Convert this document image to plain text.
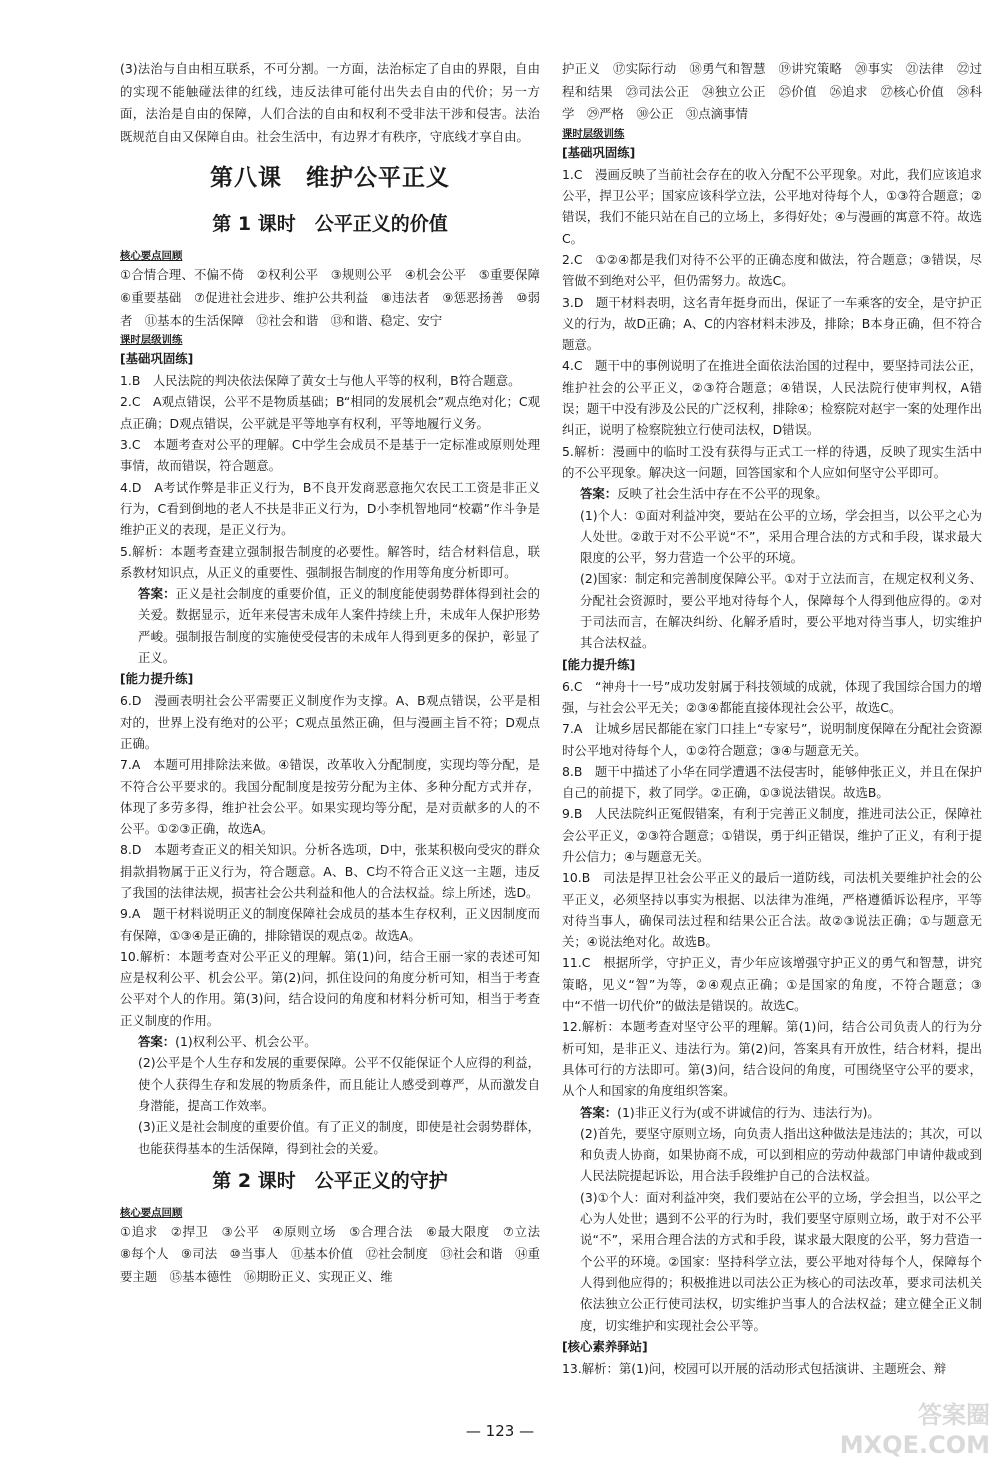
(3)法治与自由相互联系，不可分割。一方面，法治标定了自由的界限，自由的实现不能触碰法律的红线，违反法律可能付出失去自由的代价；另一方面，法治是自由的保障，人们合法的自由和权利不受非法干涉和侵害。法治既规范自由又保障自由。社会生活中，有边界才有秩序，守底线才享自由。

第八课　维护公平正义
第 1 课时　公平正义的价值
核心要点回顾

①合情合理、不偏不倚　②权利公平　③规则公平　④机会公平　⑤重要保障　⑥重要基础　⑦促进社会进步、维护公共利益　⑧违法者　⑨惩恶扬善　⑩弱者　⑪基本的生活保障　⑫社会和谐　⑬和谐、稳定、安宁

课时层级训练
[基础巩固练]
1.B　人民法院的判决依法保障了黄女士与他人平等的权利，B符合题意。
2.C　A观点错误，公平不是物质基础；B“相同的发展机会”观点绝对化；C观点正确；D观点错误，公平就是平等地享有权利，平等地履行义务。
3.C　本题考查对公平的理解。C中学生会成员不是基于一定标准或原则处理事情，故而错误，符合题意。
4.D　A考试作弊是非正义行为，B不良开发商恶意拖欠农民工工资是非正义行为，C看到倒地的老人不扶是非正义行为，D小李机智地同“校霸”作斗争是维护正义的表现，是正义行为。
5.解析：本题考查建立强制报告制度的必要性。解答时，结合材料信息，联系教材知识点，从正义的重要性、强制报告制度的作用等角度分析即可。
答案：正义是社会制度的重要价值，正义的制度能使弱势群体得到社会的关爱。数据显示，近年来侵害未成年人案件持续上升，未成年人保护形势严峻。强制报告制度的实施使受侵害的未成年人得到更多的保护，彰显了正义。
[能力提升练]
6.D　漫画表明社会公平需要正义制度作为支撑。A、B观点错误，公平是相对的，世界上没有绝对的公平；C观点虽然正确，但与漫画主旨不符；D观点正确。
7.A　本题可用排除法来做。④错误，改革收入分配制度，实现均等分配，是不符合公平要求的。我国分配制度是按劳分配为主体、多种分配方式并存，体现了多劳多得，维护社会公平。如果实现均等分配，是对贡献多的人的不公平。①②③正确，故选A。
8.D　本题考查正义的相关知识。分析各选项，D中，张某积极向受灾的群众捐款捐物属于正义行为，符合题意。A、B、C均不符合正义这一主题，违反了我国的法律法规，损害社会公共利益和他人的合法权益。综上所述，选D。
9.A　题干材料说明正义的制度保障社会成员的基本生存权利，正义因制度而有保障，①③④是正确的，排除错误的观点②。故选A。
10.解析：本题考查对公平正义的理解。第(1)问，结合王丽一家的表述可知应是权利公平、机会公平。第(2)问，抓住设问的角度分析可知，相当于考查公平对个人的作用。第(3)问，结合设问的角度和材料分析可知，相当于考查正义制度的作用。
答案：(1)权利公平、机会公平。
(2)公平是个人生存和发展的重要保障。公平不仅能保证个人应得的利益，使个人获得生存和发展的物质条件，而且能让人感受到尊严，从而激发自身潜能，提高工作效率。
(3)正义是社会制度的重要价值。有了正义的制度，即使是社会弱势群体，也能获得基本的生活保障，得到社会的关爱。
第 2 课时　公平正义的守护
核心要点回顾

①追求　②捍卫　③公平　④原则立场　⑤合理合法　⑥最大限度　⑦立法　⑧每个人　⑨司法　⑩当事人　⑪基本价值　⑫社会制度　⑬社会和谐　⑭重要主题　⑮基本德性　⑯期盼正义、实现正义、维

护正义　⑰实际行动　⑱勇气和智慧　⑲讲究策略　⑳事实　㉑法律　㉒过程和结果　㉓司法公正　㉔独立公正　㉕价值　㉖追求　㉗核心价值　㉘科学　㉙严格　㉚公正　㉛点滴事情

课时层级训练
[基础巩固练]
1.C　漫画反映了当前社会存在的收入分配不公平现象。对此，我们应该追求公平，捍卫公平；国家应该科学立法，公平地对待每个人，①③符合题意；②错误，我们不能只站在自己的立场上，多得好处；④与漫画的寓意不符。故选C。
2.C　①②④都是我们对待不公平的正确态度和做法，符合题意；③错误，尽管做不到绝对公平，但仍需努力。故选C。
3.D　题干材料表明，这名青年挺身而出，保证了一车乘客的安全，是守护正义的行为，故D正确；A、C的内容材料未涉及，排除；B本身正确，但不符合题意。
4.C　题干中的事例说明了在推进全面依法治国的过程中，要坚持司法公正，维护社会的公平正义，②③符合题意；④错误，人民法院行使审判权，A错误；题干中没有涉及公民的广泛权利，排除④；检察院对赵宇一案的处理作出纠正，说明了检察院独立行使司法权，D错误。
5.解析：漫画中的临时工没有获得与正式工一样的待遇，反映了现实生活中的不公平现象。解决这一问题，回答国家和个人应如何坚守公平即可。
答案：反映了社会生活中存在不公平的现象。
(1)个人：①面对利益冲突，要站在公平的立场，学会担当，以公平之心为人处世。②敢于对不公平说“不”，采用合理合法的方式和手段，谋求最大限度的公平，努力营造一个公平的环境。
(2)国家：制定和完善制度保障公平。①对于立法而言，在规定权利义务、分配社会资源时，要公平地对待每个人，保障每个人得到他应得的。②对于司法而言，在解决纠纷、化解矛盾时，要公平地对待当事人，切实维护其合法权益。
[能力提升练]
6.C　“神舟十一号”成功发射属于科技领域的成就，体现了我国综合国力的增强，与社会公平无关；②③④都能直接体现社会公平，故选C。
7.A　让城乡居民都能在家门口挂上“专家号”，说明制度保障在分配社会资源时公平地对待每个人，①②符合题意；③④与题意无关。
8.B　题干中描述了小华在同学遭遇不法侵害时，能够伸张正义，并且在保护自己的前提下，救了同学。②正确，①③说法错误。故选B。
9.B　人民法院纠正冤假错案，有利于完善正义制度，推进司法公正，保障社会公平正义，②③符合题意；①错误，勇于纠正错误，维护了正义，有利于提升公信力；④与题意无关。
10.B　司法是捍卫社会公平正义的最后一道防线，司法机关要维护社会的公平正义，必须坚持以事实为根据、以法律为准绳，严格遵循诉讼程序，平等对待当事人，确保司法过程和结果公正合法。故②③说法正确；①与题意无关；④说法绝对化。故选B。
11.C　根据所学，守护正义，青少年应该增强守护正义的勇气和智慧，讲究策略，见义“智”为等，②④观点正确；①是国家的角度，不符合题意；③中“不惜一切代价”的做法是错误的。故选C。
12.解析：本题考查对坚守公平的理解。第(1)问，结合公司负责人的行为分析可知，是非正义、违法行为。第(2)问，答案具有开放性，结合材料，提出具体可行的方法即可。第(3)问，结合设问的角度，可围绕坚守公平的要求，从个人和国家的角度组织答案。
答案：(1)非正义行为(或不讲诚信的行为、违法行为)。
(2)首先，要坚守原则立场，向负责人指出这种做法是违法的；其次，可以和负责人协商，如果协商不成，可以到相应的劳动仲裁部门申请仲裁或到人民法院提起诉讼，用合法手段维护自己的合法权益。
(3)①个人：面对利益冲突，我们要站在公平的立场，学会担当，以公平之心为人处世；遇到不公平的行为时，我们要坚守原则立场，敢于对不公平说“不”，采用合理合法的方式和手段，谋求最大限度的公平，努力营造一个公平的环境。②国家：坚持科学立法，要公平地对待每个人，保障每个人得到他应得的；积极推进以司法公正为核心的司法改革，要求司法机关依法独立公正行使司法权，切实维护当事人的合法权益；建立健全正义制度，切实维护和实现社会公平等。
[核心素养驿站]
13.解析：第(1)问，校园可以开展的活动形式包括演讲、主题班会、辩
— 123 —
答案圈
MXQE.COM
